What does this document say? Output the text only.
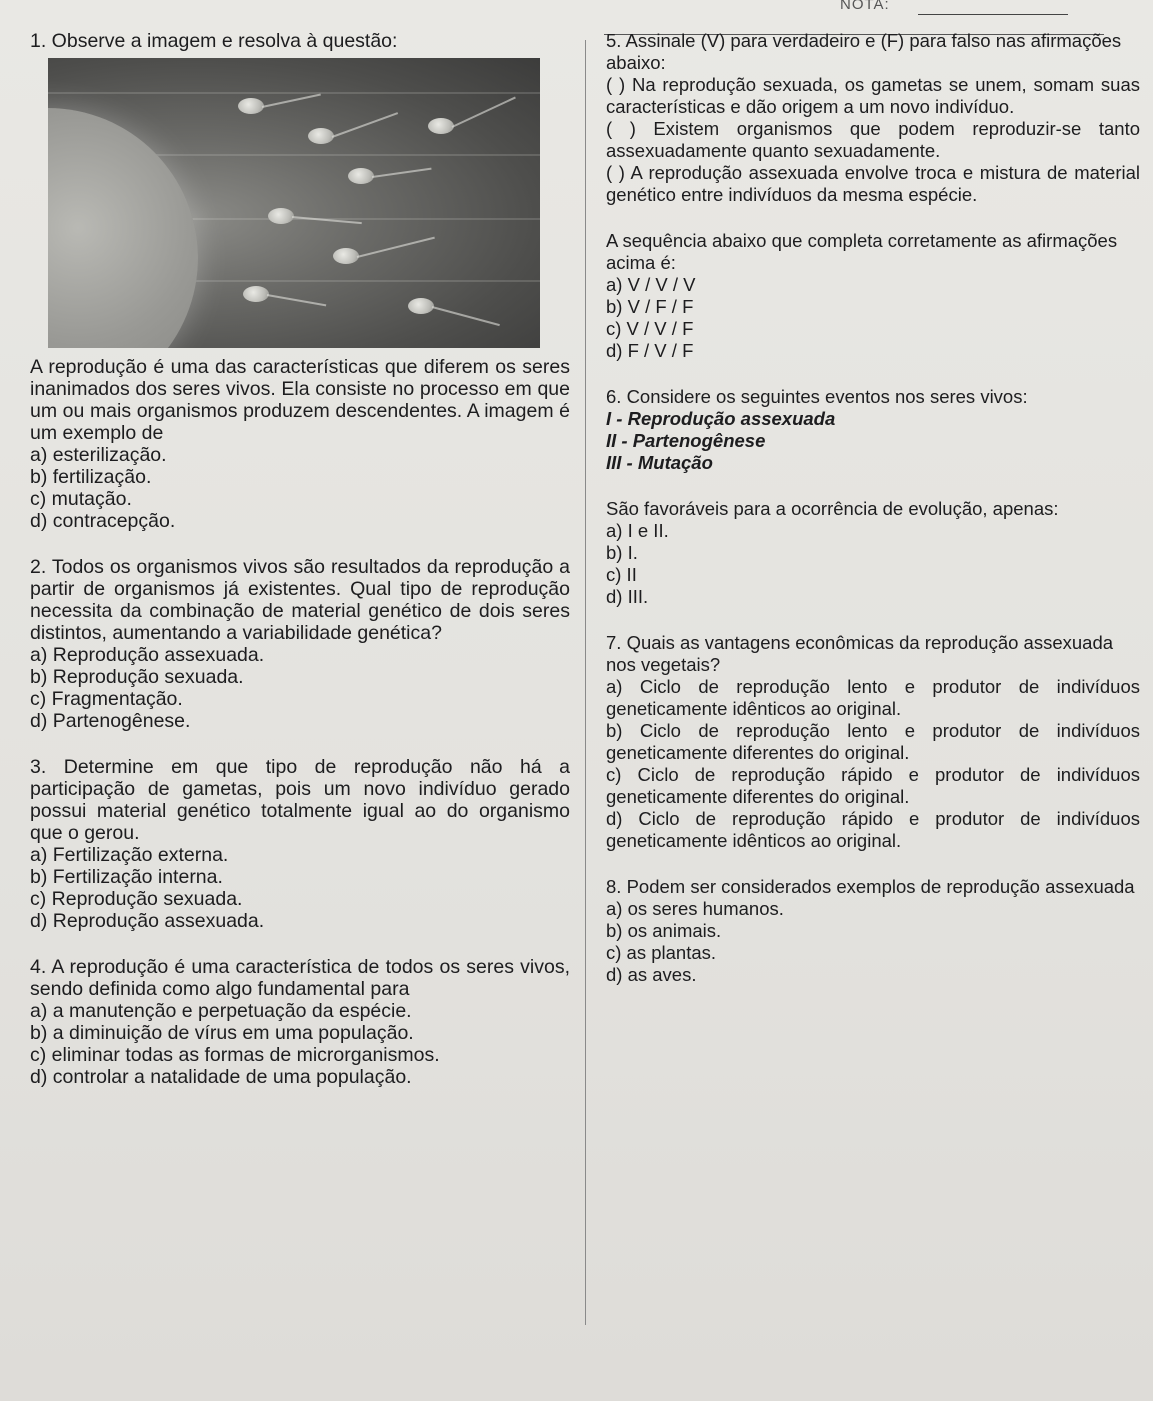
NOTA:

1. Observe a imagem e resolva à questão:

A reprodução é uma das características que diferem os seres inanimados dos seres vivos. Ela consiste no processo em que um ou mais organismos produzem descendentes. A imagem é um exemplo de

a) esterilização.

b) fertilização.

c) mutação.

d) contracepção.

2. Todos os organismos vivos são resultados da reprodução a partir de organismos já existentes. Qual tipo de reprodução necessita da combinação de material genético de dois seres distintos, aumentando a variabilidade genética?

a) Reprodução assexuada.

b) Reprodução sexuada.

c) Fragmentação.

d) Partenogênese.

3. Determine em que tipo de reprodução não há a participação de gametas, pois um novo indivíduo gerado possui material genético totalmente igual ao do organismo que o gerou.

a) Fertilização externa.

b) Fertilização interna.

c) Reprodução sexuada.

d) Reprodução assexuada.

4. A reprodução é uma característica de todos os seres vivos, sendo definida como algo fundamental para

a) a manutenção e perpetuação da espécie.

b) a diminuição de vírus em uma população.

c) eliminar todas as formas de microrganismos.

d) controlar a natalidade de uma população.

5. Assinale (V) para verdadeiro e (F) para falso nas afirmações abaixo:

( ) Na reprodução sexuada, os gametas se unem, somam suas características e dão origem a um novo indivíduo.

( ) Existem organismos que podem reproduzir-se tanto assexuadamente quanto sexuadamente.

( ) A reprodução assexuada envolve troca e mistura de material genético entre indivíduos da mesma espécie.

A sequência abaixo que completa corretamente as afirmações acima é:

a) V / V / V

b) V / F / F

c) V / V / F

d) F / V / F

6. Considere os seguintes eventos nos seres vivos:

I - Reprodução assexuada

II - Partenogênese

III - Mutação

São favoráveis para a ocorrência de evolução, apenas:

a) I e II.

b) I.

c) II

d) III.

7. Quais as vantagens econômicas da reprodução assexuada nos vegetais?

a) Ciclo de reprodução lento e produtor de indivíduos geneticamente idênticos ao original.

b) Ciclo de reprodução lento e produtor de indivíduos geneticamente diferentes do original.

c) Ciclo de reprodução rápido e produtor de indivíduos geneticamente diferentes do original.

d) Ciclo de reprodução rápido e produtor de indivíduos geneticamente idênticos ao original.

8. Podem ser considerados exemplos de reprodução assexuada

a) os seres humanos.

b) os animais.

c) as plantas.

d) as aves.
